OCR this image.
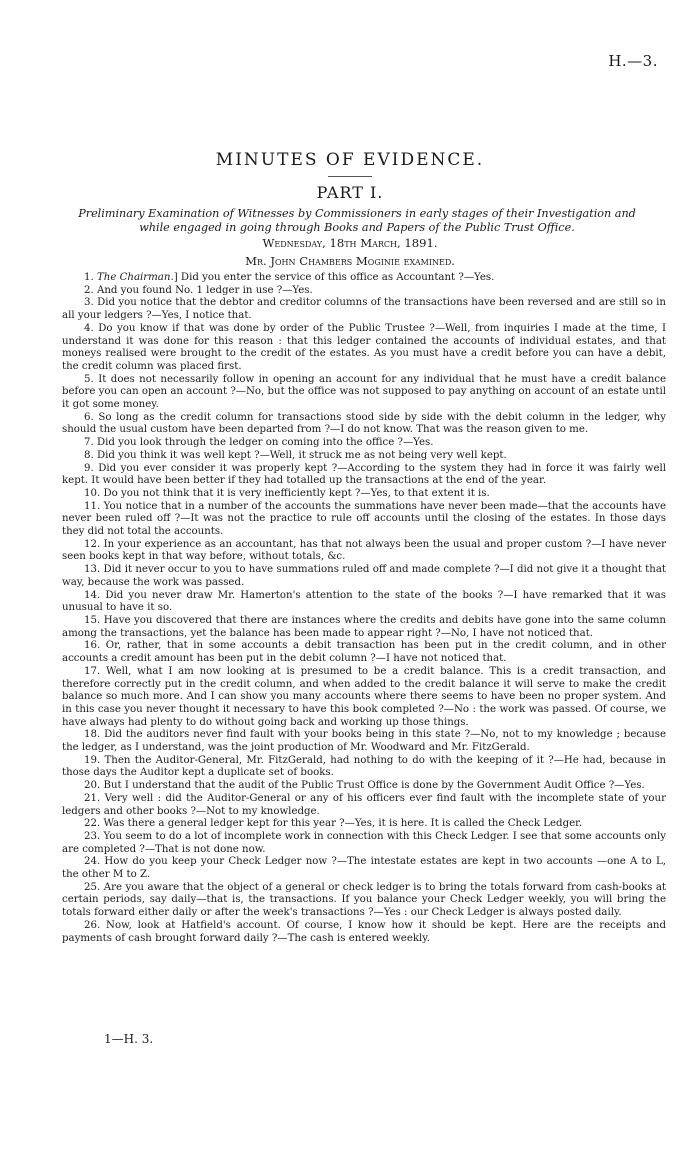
H.—3.
MINUTES OF EVIDENCE.
PART I.
Preliminary Examination of Witnesses by Commissioners in early stages of their Investigation and while engaged in going through Books and Papers of the Public Trust Office.
Wednesday, 18th March, 1891.
Mr. John Chambers Moginie examined.

1. The Chairman.] Did you enter the service of this office as Accountant ?—Yes.

2. And you found No. 1 ledger in use ?—Yes.

3. Did you notice that the debtor and creditor columns of the transactions have been reversed and are still so in all your ledgers ?—Yes, I notice that.

4. Do you know if that was done by order of the Public Trustee ?—Well, from inquiries I made at the time, I understand it was done for this reason : that this ledger contained the accounts of individual estates, and that moneys realised were brought to the credit of the estates. As you must have a credit before you can have a debit, the credit column was placed first.

5. It does not necessarily follow in opening an account for any individual that he must have a credit balance before you can open an account ?—No, but the office was not supposed to pay anything on account of an estate until it got some money.

6. So long as the credit column for transactions stood side by side with the debit column in the ledger, why should the usual custom have been departed from ?—I do not know. That was the reason given to me.

7. Did you look through the ledger on coming into the office ?—Yes.

8. Did you think it was well kept ?—Well, it struck me as not being very well kept.

9. Did you ever consider it was properly kept ?—According to the system they had in force it was fairly well kept. It would have been better if they had totalled up the transactions at the end of the year.

10. Do you not think that it is very inefficiently kept ?—Yes, to that extent it is.

11. You notice that in a number of the accounts the summations have never been made—that the accounts have never been ruled off ?—It was not the practice to rule off accounts until the closing of the estates. In those days they did not total the accounts.

12. In your experience as an accountant, has that not always been the usual and proper custom ?—I have never seen books kept in that way before, without totals, &c.

13. Did it never occur to you to have summations ruled off and made complete ?—I did not give it a thought that way, because the work was passed.

14. Did you never draw Mr. Hamerton's attention to the state of the books ?—I have remarked that it was unusual to have it so.

15. Have you discovered that there are instances where the credits and debits have gone into the same column among the transactions, yet the balance has been made to appear right ?—No, I have not noticed that.

16. Or, rather, that in some accounts a debit transaction has been put in the credit column, and in other accounts a credit amount has been put in the debit column ?—I have not noticed that.

17. Well, what I am now looking at is presumed to be a credit balance. This is a credit transaction, and therefore correctly put in the credit column, and when added to the credit balance it will serve to make the credit balance so much more. And I can show you many accounts where there seems to have been no proper system. And in this case you never thought it necessary to have this book completed ?—No : the work was passed. Of course, we have always had plenty to do without going back and working up those things.

18. Did the auditors never find fault with your books being in this state ?—No, not to my knowledge ; because the ledger, as I understand, was the joint production of Mr. Woodward and Mr. FitzGerald.

19. Then the Auditor-General, Mr. FitzGerald, had nothing to do with the keeping of it ?—He had, because in those days the Auditor kept a duplicate set of books.

20. But I understand that the audit of the Public Trust Office is done by the Government Audit Office ?—Yes.

21. Very well : did the Auditor-General or any of his officers ever find fault with the incomplete state of your ledgers and other books ?—Not to my knowledge.

22. Was there a general ledger kept for this year ?—Yes, it is here. It is called the Check Ledger.

23. You seem to do a lot of incomplete work in connection with this Check Ledger. I see that some accounts only are completed ?—That is not done now.

24. How do you keep your Check Ledger now ?—The intestate estates are kept in two accounts —one A to L, the other M to Z.

25. Are you aware that the object of a general or check ledger is to bring the totals forward from cash-books at certain periods, say daily—that is, the transactions. If you balance your Check Ledger weekly, you will bring the totals forward either daily or after the week's transactions ?—Yes : our Check Ledger is always posted daily.

26. Now, look at Hatfield's account. Of course, I know how it should be kept. Here are the receipts and payments of cash brought forward daily ?—The cash is entered weekly.

1—H. 3.
